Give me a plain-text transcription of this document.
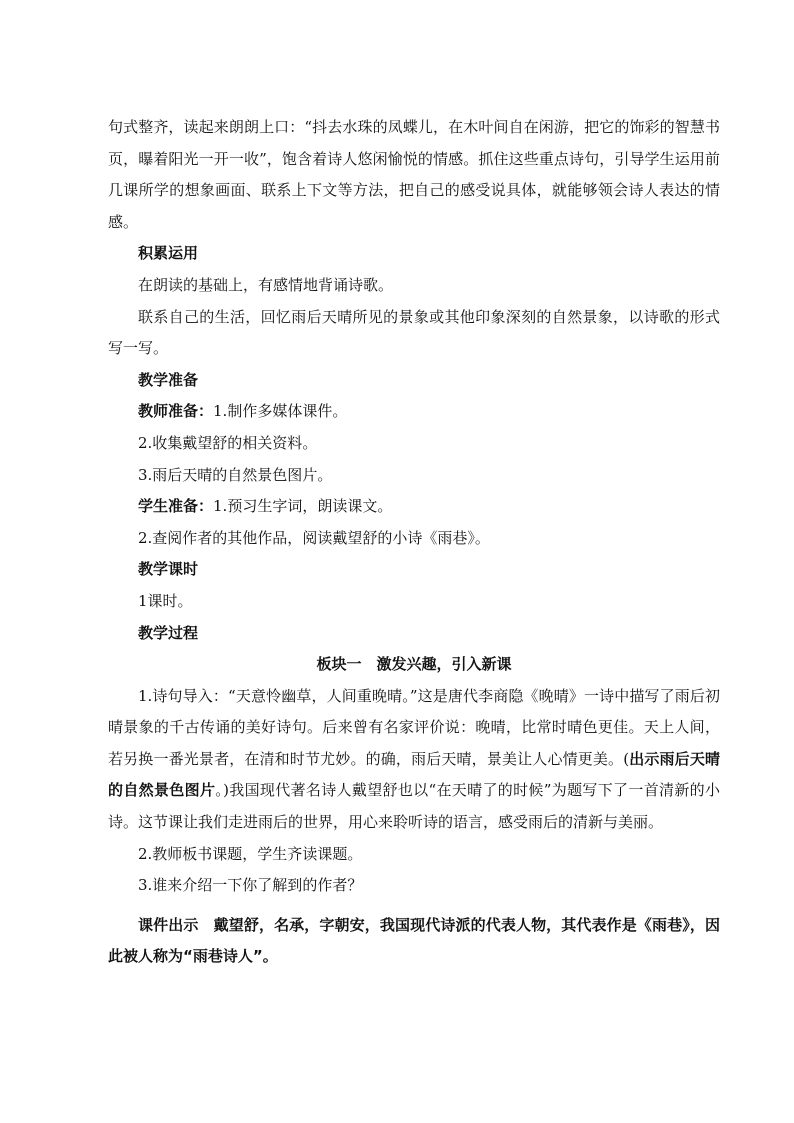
句式整齐，读起来朗朗上口：“抖去水珠的凤蝶儿，在木叶间自在闲游，把它的饰彩的智慧书页，曝着阳光一开一收”，饱含着诗人悠闲愉悦的情感。抓住这些重点诗句，引导学生运用前几课所学的想象画面、联系上下文等方法，把自己的感受说具体，就能够领会诗人表达的情感。

积累运用

在朗读的基础上，有感情地背诵诗歌。

联系自己的生活，回忆雨后天晴所见的景象或其他印象深刻的自然景象，以诗歌的形式写一写。

教学准备

教师准备：1.制作多媒体课件。

2.收集戴望舒的相关资料。

3.雨后天晴的自然景色图片。

学生准备：1.预习生字词，朗读课文。

2.查阅作者的其他作品，阅读戴望舒的小诗《雨巷》。

教学课时

1课时。

教学过程

板块一　激发兴趣，引入新课

1.诗句导入：“天意怜幽草，人间重晚晴。”这是唐代李商隐《晚晴》一诗中描写了雨后初晴景象的千古传诵的美好诗句。后来曾有名家评价说：晚晴，比常时晴色更佳。天上人间，若另换一番光景者，在清和时节尤妙。的确，雨后天晴，景美让人心情更美。(出示雨后天晴的自然景色图片。)我国现代著名诗人戴望舒也以“在天晴了的时候”为题写下了一首清新的小诗。这节课让我们走进雨后的世界，用心来聆听诗的语言，感受雨后的清新与美丽。

2.教师板书课题，学生齐读课题。

3.谁来介绍一下你了解到的作者？

课件出示　戴望舒，名承，字朝安，我国现代诗派的代表人物，其代表作是《雨巷》，因此被人称为“雨巷诗人”。
